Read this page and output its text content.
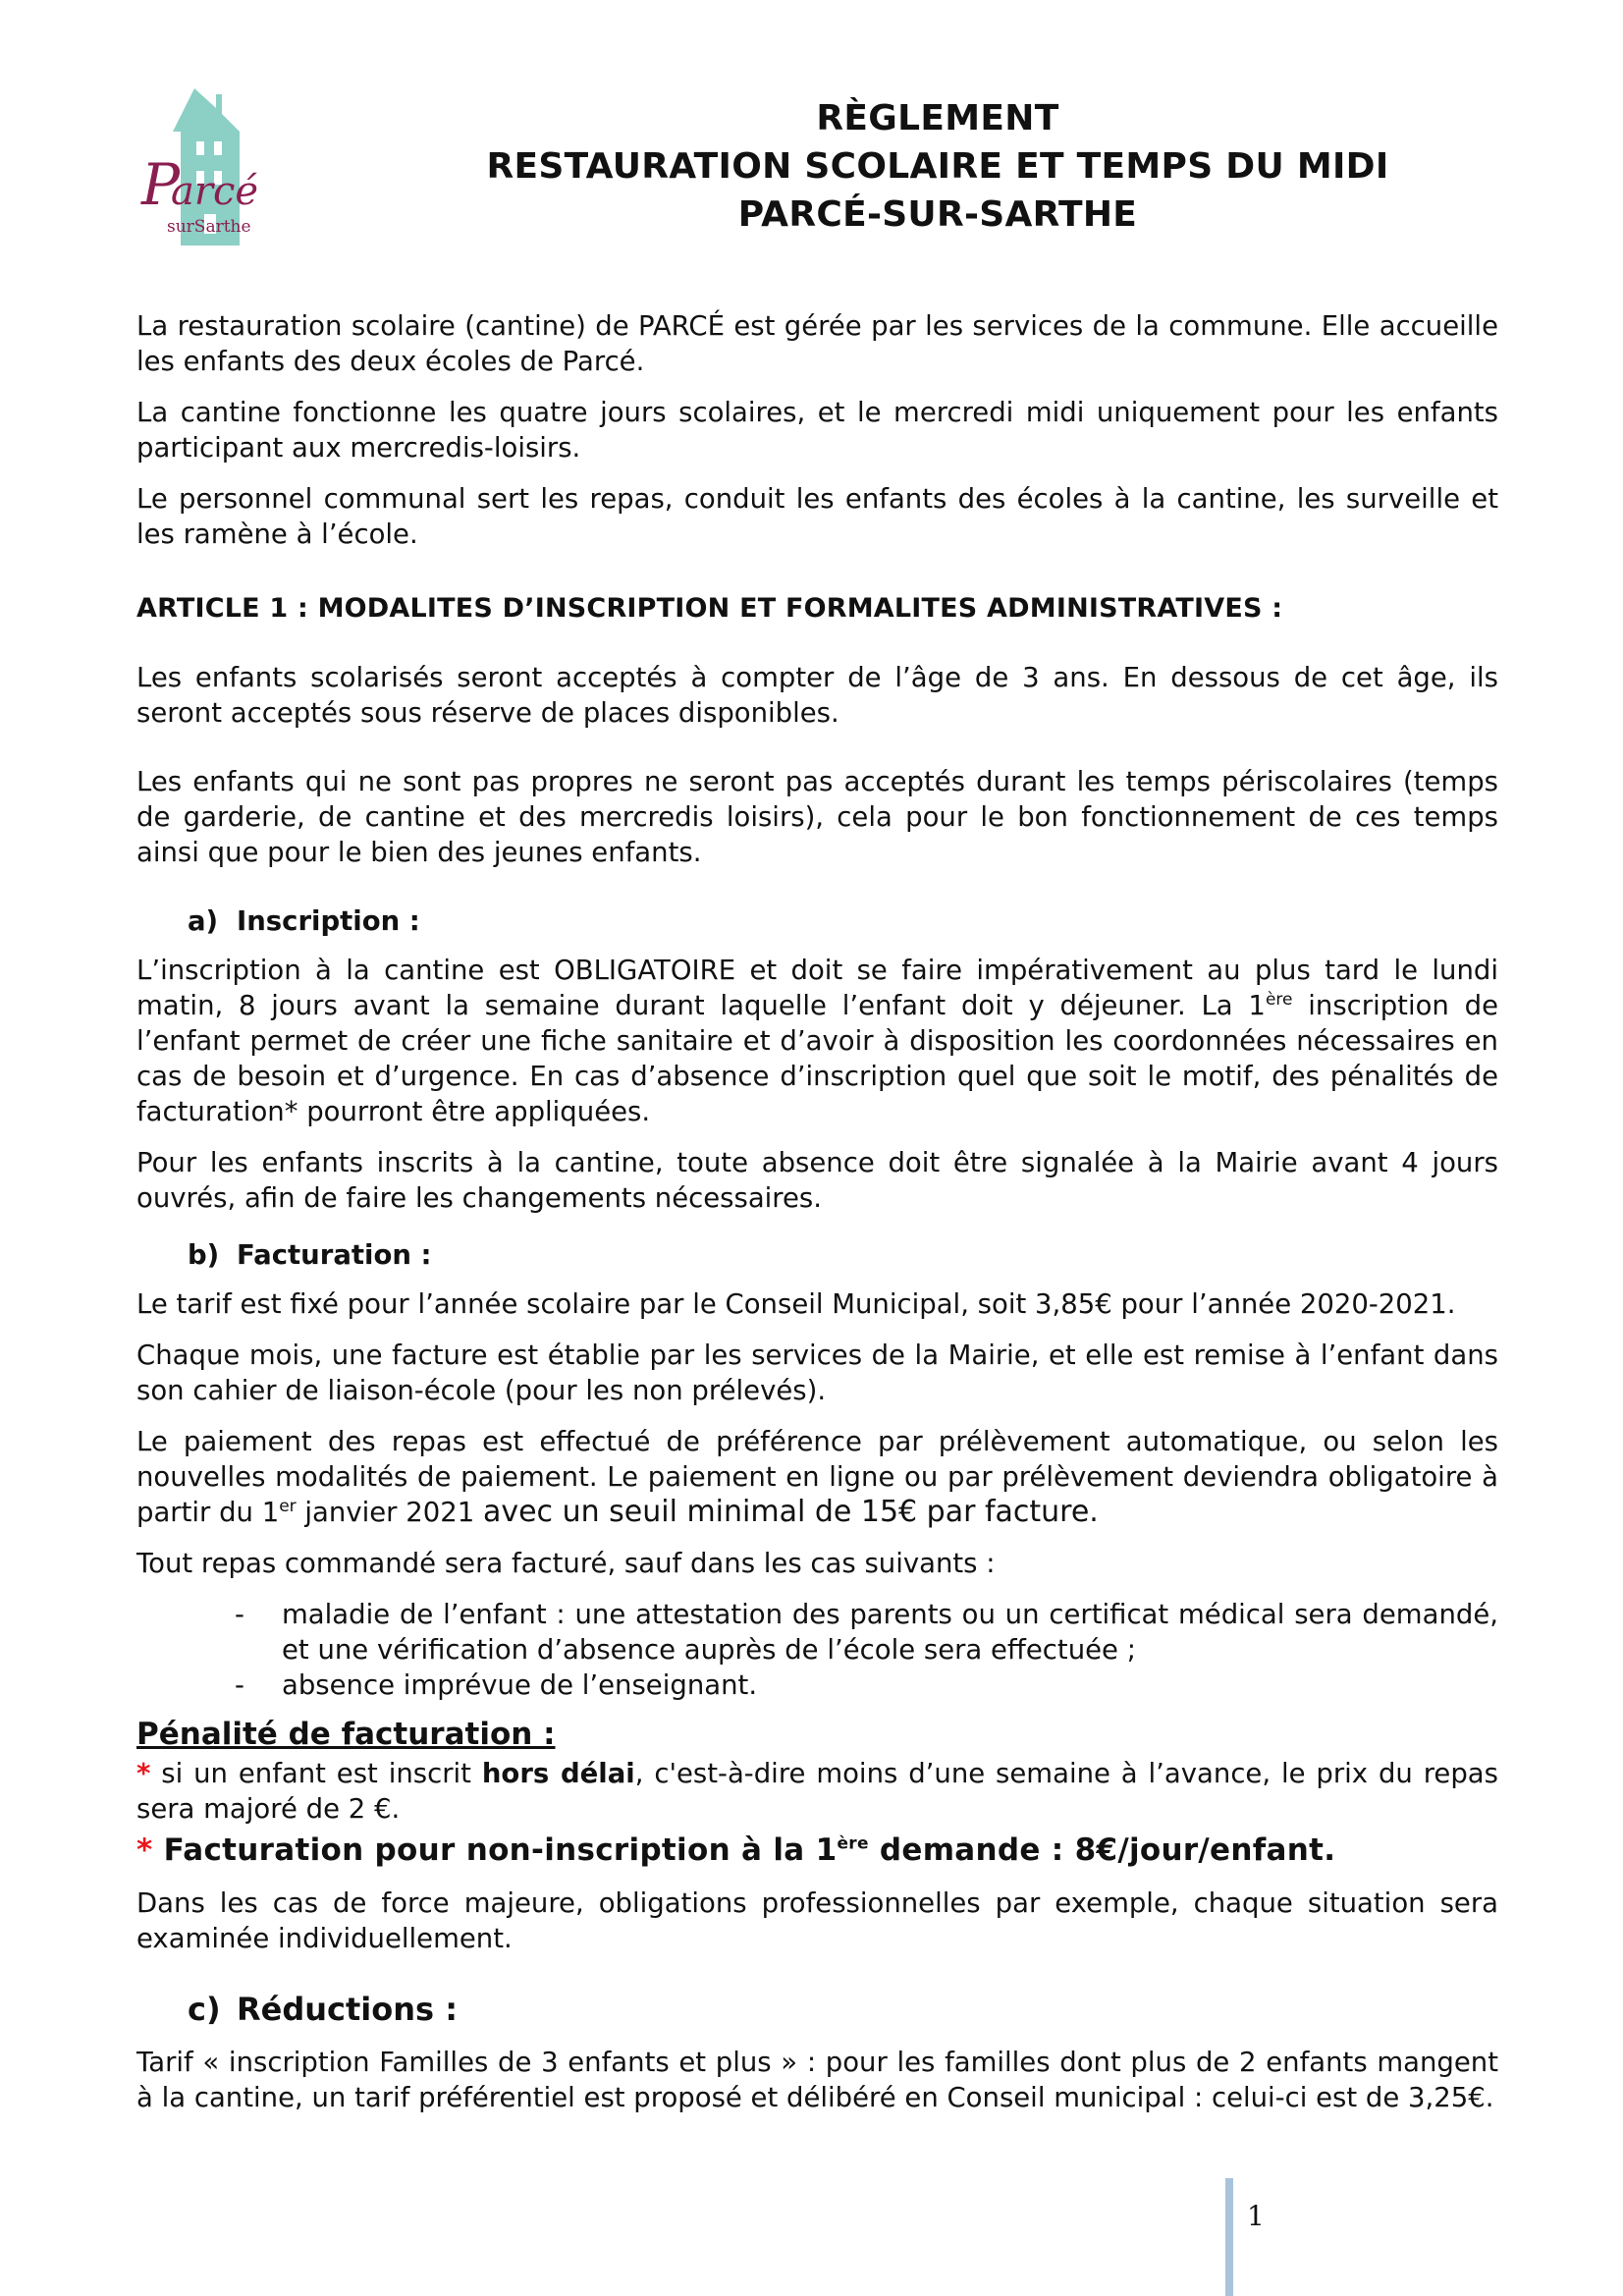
P
arcé
surSarthe
RÈGLEMENT
RESTAURATION SCOLAIRE ET TEMPS DU MIDI
PARCÉ-SUR-SARTHE

La restauration scolaire (cantine) de PARCÉ est gérée par les services de la commune. Elle accueille les enfants des deux écoles de Parcé.

La cantine fonctionne les quatre jours scolaires, et le mercredi midi uniquement pour les enfants participant aux mercredis-loisirs.

Le personnel communal sert les repas, conduit les enfants des écoles à la cantine, les surveille et les ramène à l’école.

ARTICLE 1 : MODALITES D’INSCRIPTION ET FORMALITES ADMINISTRATIVES :

Les enfants scolarisés seront acceptés à compter de l’âge de 3 ans. En dessous de cet âge, ils seront acceptés sous réserve de places disponibles.

Les enfants qui ne sont pas propres ne seront pas acceptés durant les temps périscolaires (temps de garderie, de cantine et des mercredis loisirs), cela pour le bon fonctionnement de ces temps ainsi que pour le bien des jeunes enfants.

a) Inscription :

L’inscription à la cantine est OBLIGATOIRE et doit se faire impérativement au plus tard le lundi matin, 8 jours avant la semaine durant laquelle l’enfant doit y déjeuner. La 1ère inscription de l’enfant permet de créer une fiche sanitaire et d’avoir à disposition les coordonnées nécessaires en cas de besoin et d’urgence. En cas d’absence d’inscription quel que soit le motif, des pénalités de facturation* pourront être appliquées.

Pour les enfants inscrits à la cantine, toute absence doit être signalée à la Mairie avant 4 jours ouvrés, afin de faire les changements nécessaires.

b) Facturation :

Le tarif est fixé pour l’année scolaire par le Conseil Municipal, soit 3,85€ pour l’année 2020-2021.

Chaque mois, une facture est établie par les services de la Mairie, et elle est remise à l’enfant dans son cahier de liaison-école (pour les non prélevés).

Le paiement des repas est effectué de préférence par prélèvement automatique, ou selon les nouvelles modalités de paiement. Le paiement en ligne ou par prélèvement deviendra obligatoire à partir du 1er janvier 2021 avec un seuil minimal de 15€ par facture.

Tout repas commandé sera facturé, sauf dans les cas suivants :

- maladie de l’enfant : une attestation des parents ou un certificat médical sera demandé, et une vérification d’absence auprès de l’école sera effectuée ;
- absence imprévue de l’enseignant.
Pénalité de facturation :

* si un enfant est inscrit hors délai, c'est-à-dire moins d’une semaine à l’avance, le prix du repas sera majoré de 2 €.

* Facturation pour non-inscription à la 1ère demande : 8€/jour/enfant.

Dans les cas de force majeure, obligations professionnelles par exemple, chaque situation sera examinée individuellement.

c) Réductions :

Tarif « inscription Familles de 3 enfants et plus » : pour les familles dont plus de 2 enfants mangent à la cantine, un tarif préférentiel est proposé et délibéré en Conseil municipal : celui-ci est de 3,25€.

1
